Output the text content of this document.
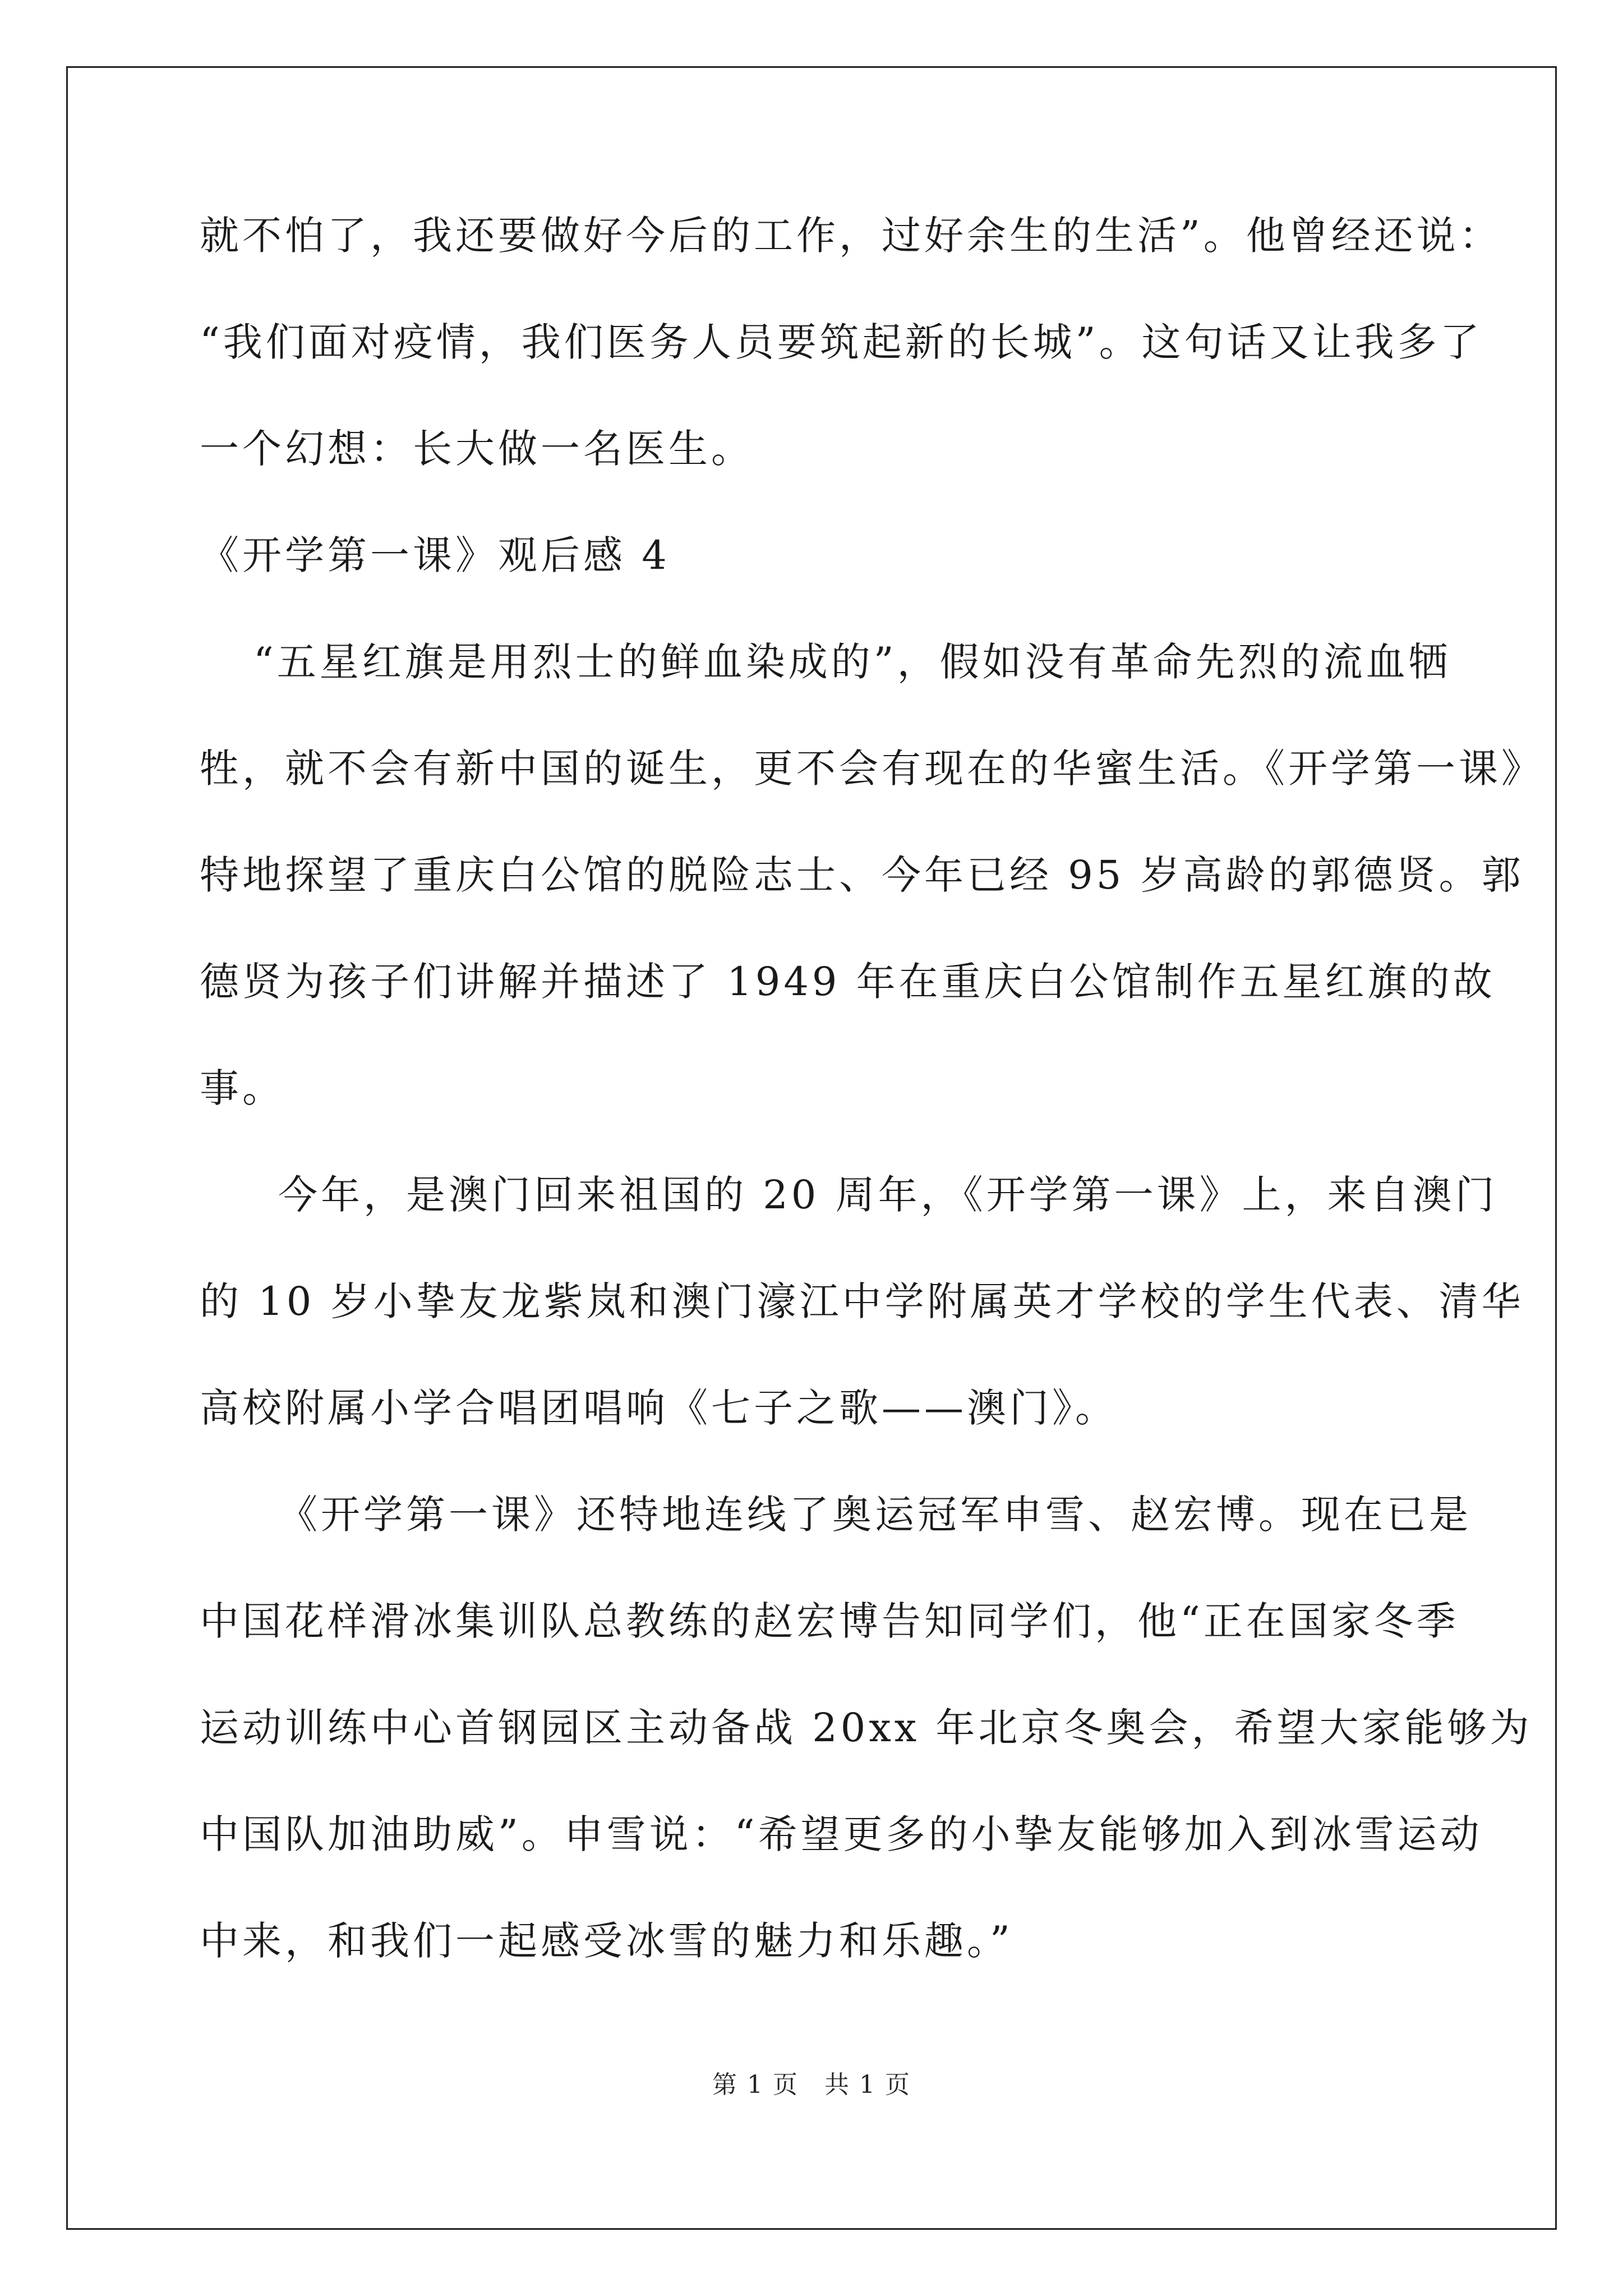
就不怕了，我还要做好今后的工作，过好余生的生活”。他曾经还说：
“我们面对疫情，我们医务人员要筑起新的长城”。这句话又让我多了
一个幻想：长大做一名医生。
《开学第一课》观后感 4
“五星红旗是用烈士的鲜血染成的”，假如没有革命先烈的流血牺
牲，就不会有新中国的诞生，更不会有现在的华蜜生活。《开学第一课》
特地探望了重庆白公馆的脱险志士、今年已经 95 岁高龄的郭德贤。郭
德贤为孩子们讲解并描述了 1949 年在重庆白公馆制作五星红旗的故
事。
今年，是澳门回来祖国的 20 周年，《开学第一课》上，来自澳门
的 10 岁小挚友龙紫岚和澳门濠江中学附属英才学校的学生代表、清华
高校附属小学合唱团唱响《七子之歌——澳门》。
《开学第一课》还特地连线了奥运冠军申雪、赵宏博。现在已是
中国花样滑冰集训队总教练的赵宏博告知同学们，他“正在国家冬季
运动训练中心首钢园区主动备战 20xx 年北京冬奥会，希望大家能够为
中国队加油助威”。申雪说：“希望更多的小挚友能够加入到冰雪运动
中来，和我们一起感受冰雪的魅力和乐趣。”
第 1 页　共 1 页
